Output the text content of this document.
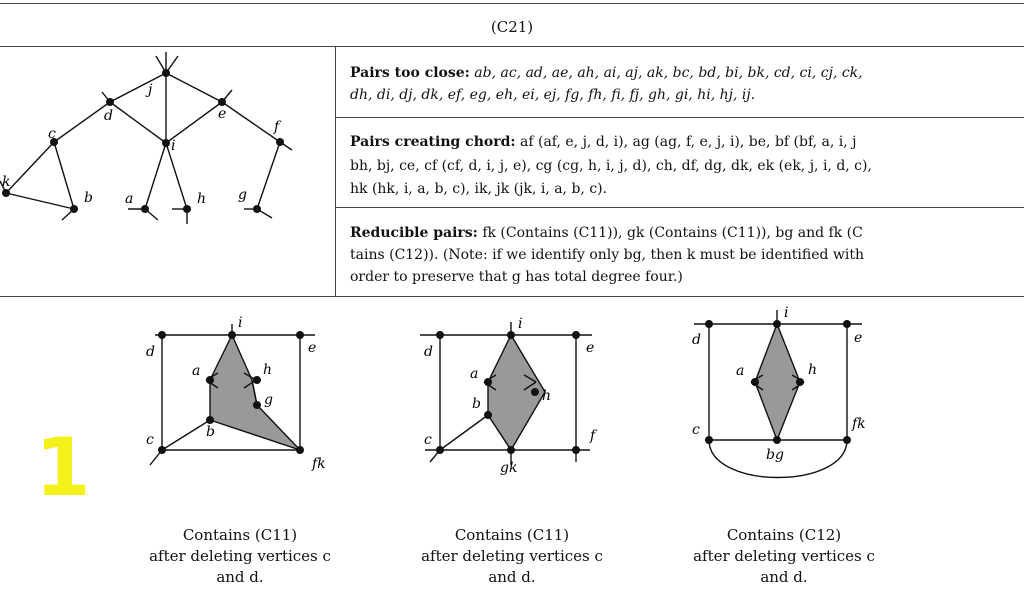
(C21)
Pairs too close: ab, ac, ad, ae, ah, ai, aj, ak, bc, bd, bi, bk, cd, ci, cj, ck,
dh, di, dj, dk, ef, eg, eh, ei, ej, fg, fh, fi, fj, gh, gi, hi, hj, ij.
Pairs creating chord: af (af, e, j, d, i), ag (ag, f, e, j, i), be, bf (bf, a, i, j
bh, bj, ce, cf (cf, d, i, j, e), cg (cg, h, i, j, d), ch, df, dg, dk, ek (ek, j, i, d, c),
hk (hk, i, a, b, c), ik, jk (jk, i, a, b, c).
Reducible pairs: fk (Contains (C11)), gk (Contains (C11)), bg and fk (C
tains (C12)). (Note: if we identify only bg, then k must be identified with
order to preserve that g has total degree four.)
j
d	e
c
i
f
k
b a	h g
i
d	e
a	h
g
b
c
fk
i
d	e
a
h
b
c	f
gk
i
d	e
a	h
c	fk
bg
Contains (C11)
after deleting vertices c
and d.
Contains (C11)
after deleting vertices c
and d.
Contains (C12)
after deleting vertices c
and d.
1
